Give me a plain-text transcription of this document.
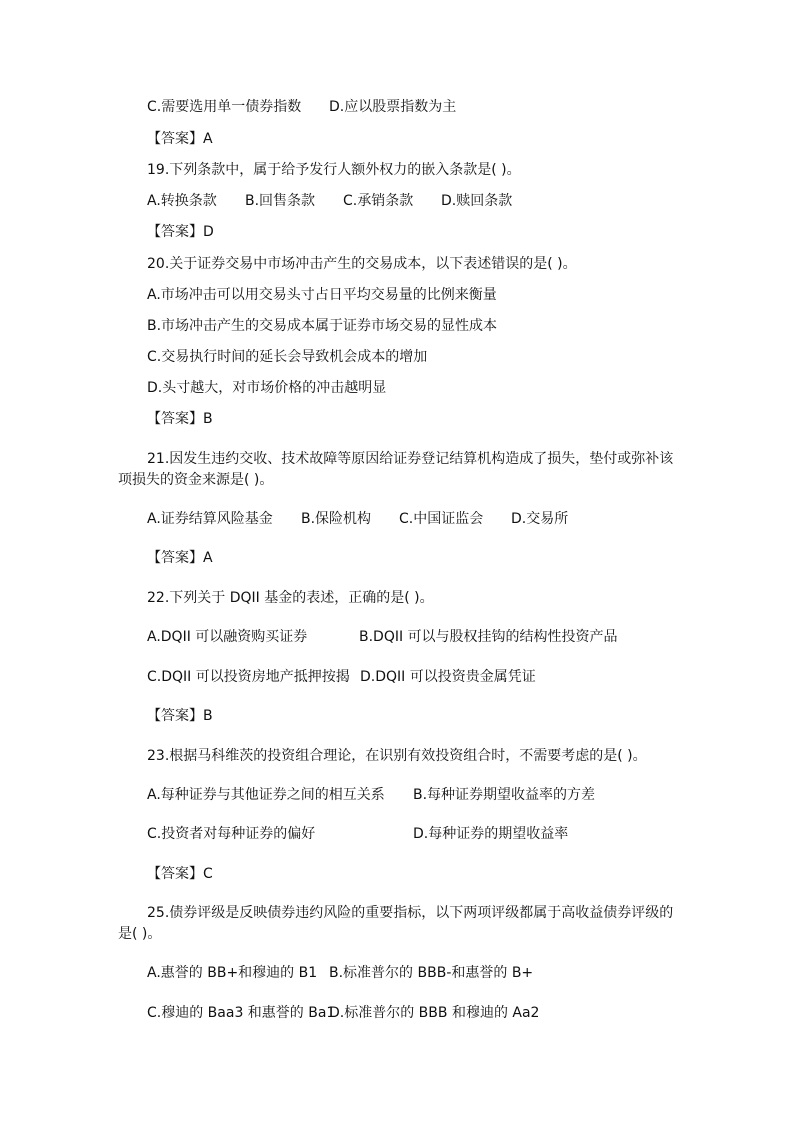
C.需要选用单一债券指数 D.应以股票指数为主
【答案】A
19.下列条款中，属于给予发行人额外权力的嵌入条款是( )。
A.转换条款 B.回售条款 C.承销条款 D.赎回条款
【答案】D
20.关于证券交易中市场冲击产生的交易成本，以下表述错误的是( )。
A.市场冲击可以用交易头寸占日平均交易量的比例来衡量
B.市场冲击产生的交易成本属于证券市场交易的显性成本
C.交易执行时间的延长会导致机会成本的增加
D.头寸越大，对市场价格的冲击越明显
【答案】B
21.因发生违约交收、技术故障等原因给证券登记结算机构造成了损失，垫付或弥补该
项损失的资金来源是( )。
A.证券结算风险基金 B.保险机构 C.中国证监会 D.交易所
【答案】A
22.下列关于 DQII 基金的表述，正确的是( )。
A.DQII 可以融资购买证券	B.DQII 可以与股权挂钩的结构性投资产品
C.DQII 可以投资房地产抵押按揭 D.DQII 可以投资贵金属凭证
【答案】B
23.根据马科维茨的投资组合理论，在识别有效投资组合时，不需要考虑的是( )。
A.每种证券与其他证券之间的相互关系 B.每种证券期望收益率的方差
C.投资者对每种证券的偏好	D.每种证券的期望收益率
【答案】C
25.债券评级是反映债券违约风险的重要指标，以下两项评级都属于高收益债券评级的
是( )。
A.惠誉的 BB+和穆迪的 B1 B.标准普尔的 BBB-和惠誉的 B+
C.穆迪的 Baa3 和惠誉的 Ba1
D.标准普尔的 BBB 和穆迪的 Aa2
